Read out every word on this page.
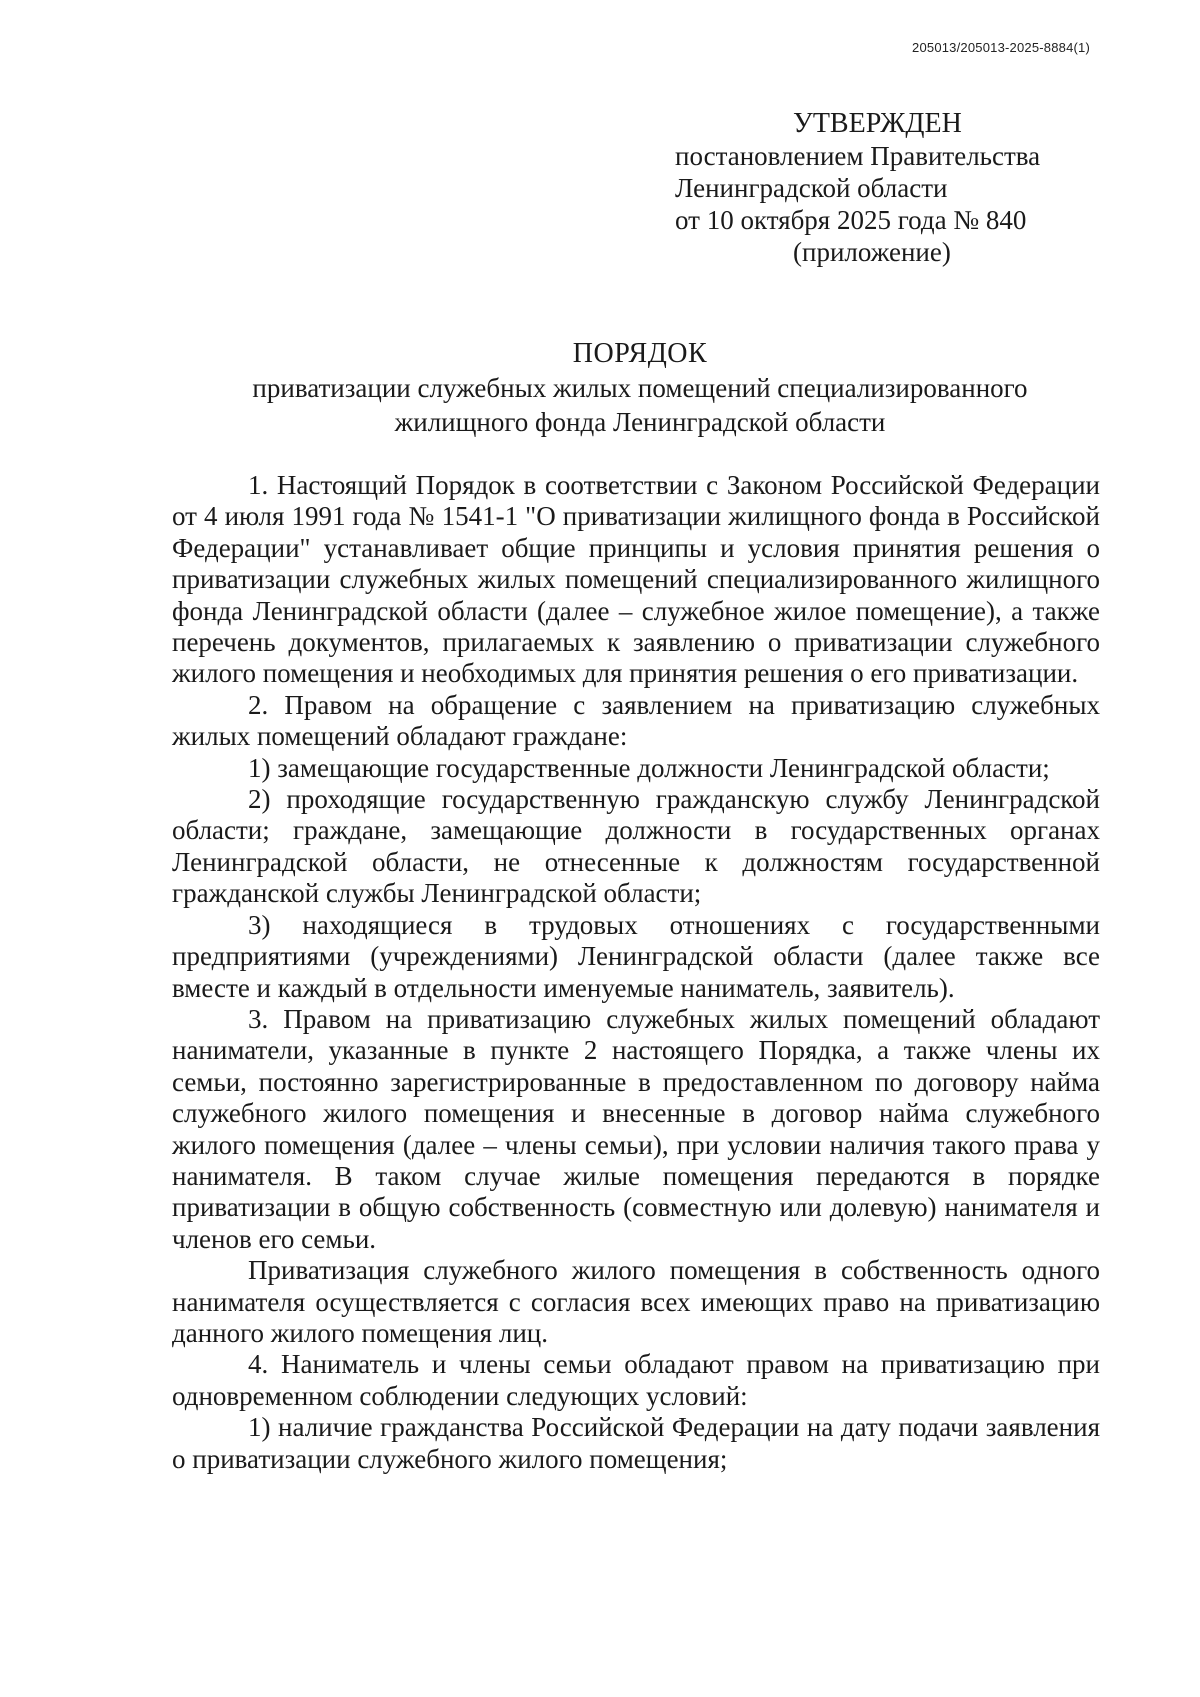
205013/205013-2025-8884(1)
УТВЕРЖДЕН
постановлением Правительства
Ленинградской области
от 10 октября 2025 года № 840
(приложение)
ПОРЯДОК
приватизации служебных жилых помещений специализированного
жилищного фонда Ленинградской области

1. Настоящий Порядок в соответствии с Законом Российской Федерации от 4 июля 1991 года № 1541-1 "О приватизации жилищного фонда в Российской Федерации" устанавливает общие принципы и условия принятия решения о приватизации служебных жилых помещений специализированного жилищного фонда Ленинградской области (далее – служебное жилое помещение), а также перечень документов, прилагаемых к заявлению о приватизации служебного жилого помещения и необходимых для принятия решения о его приватизации.

2. Правом на обращение с заявлением на приватизацию служебных жилых помещений обладают граждане:

1) замещающие государственные должности Ленинградской области;

2) проходящие государственную гражданскую службу Ленинградской области; граждане, замещающие должности в государственных органах Ленинградской области, не отнесенные к должностям государственной гражданской службы Ленинградской области;

3) находящиеся в трудовых отношениях с государственными предприятиями (учреждениями) Ленинградской области (далее также все вместе и каждый в отдельности именуемые наниматель, заявитель).

3. Правом на приватизацию служебных жилых помещений обладают наниматели, указанные в пункте 2 настоящего Порядка, а также члены их семьи, постоянно зарегистрированные в предоставленном по договору найма служебного жилого помещения и внесенные в договор найма служебного жилого помещения (далее – члены семьи), при условии наличия такого права у нанимателя. В таком случае жилые помещения передаются в порядке приватизации в общую собственность (совместную или долевую) нанимателя и членов его семьи.

Приватизация служебного жилого помещения в собственность одного нанимателя осуществляется с согласия всех имеющих право на приватизацию данного жилого помещения лиц.

4. Наниматель и члены семьи обладают правом на приватизацию при одновременном соблюдении следующих условий:

1) наличие гражданства Российской Федерации на дату подачи заявления о приватизации служебного жилого помещения;
